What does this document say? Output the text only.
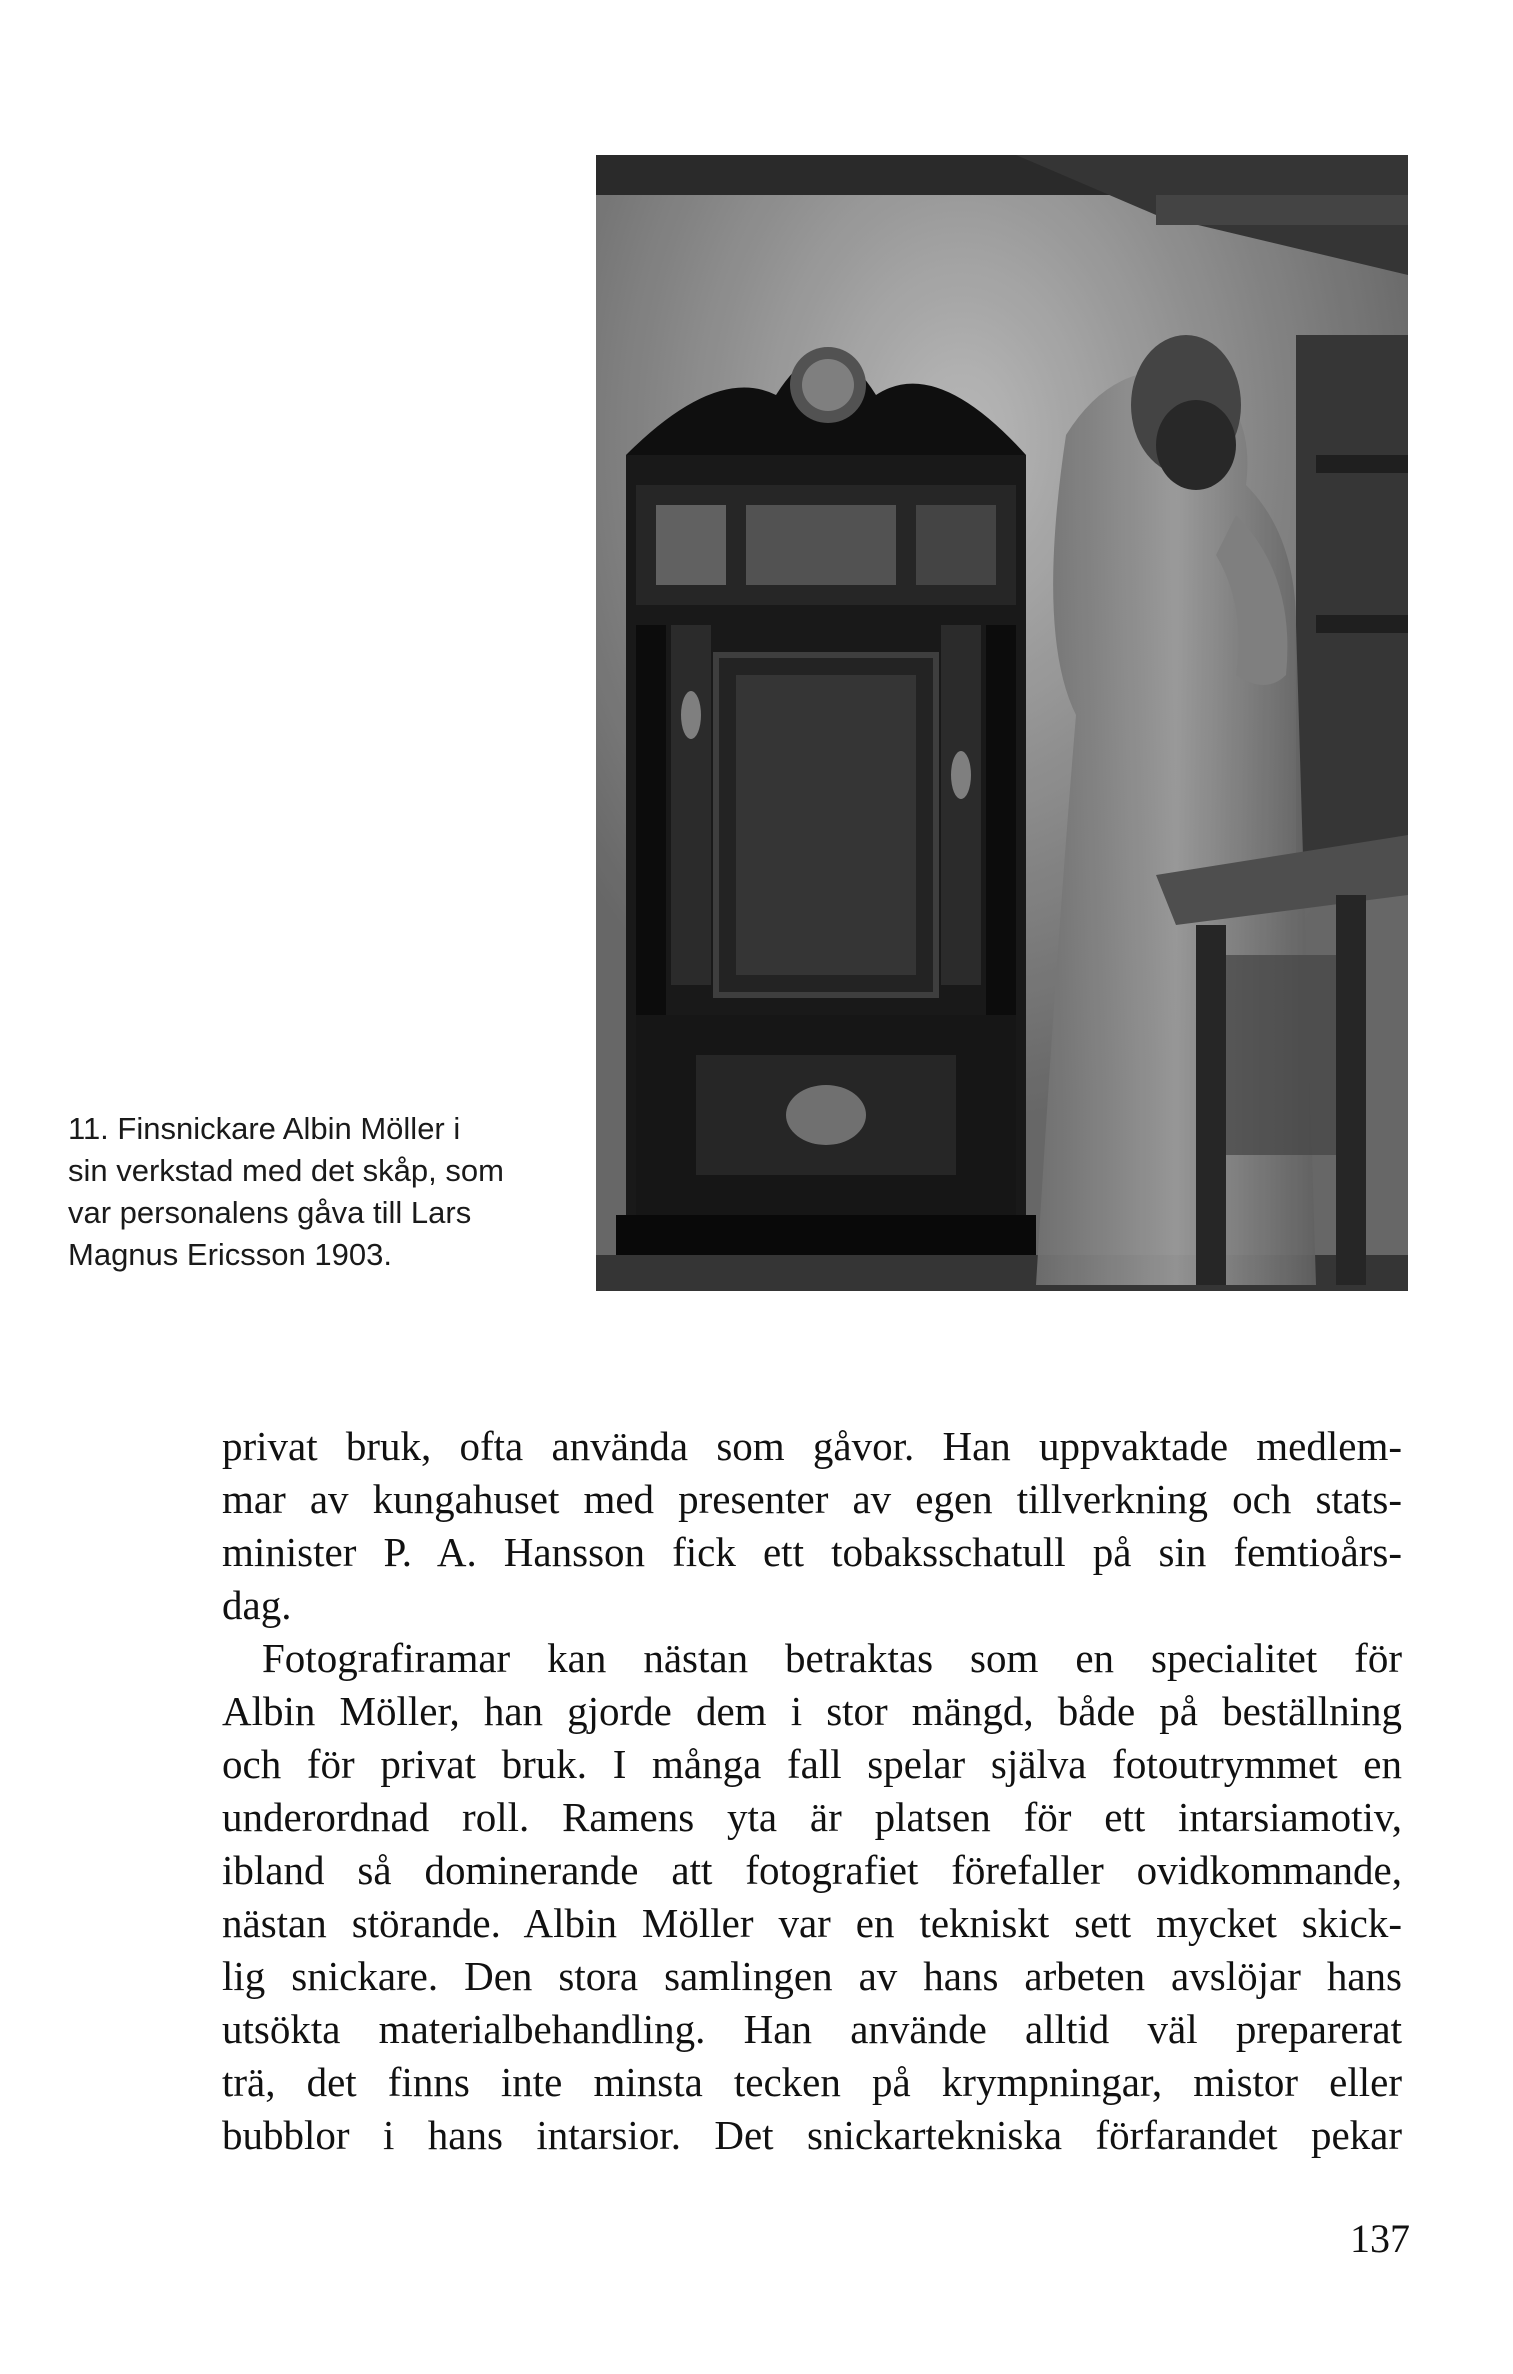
11. Finsnickare Albin Möller i
sin verkstad med det skåp, som
var personalens gåva till Lars
Magnus Ericsson 1903.
privat bruk, ofta använda som gåvor. Han uppvaktade medlem-
mar av kungahuset med presenter av egen tillverkning och stats-
minister P. A. Hansson fick ett tobaksschatull på sin femtioårs-
dag.
Fotografiramar kan nästan betraktas som en specialitet för
Albin Möller, han gjorde dem i stor mängd, både på beställning
och för privat bruk. I många fall spelar själva fotoutrymmet en
underordnad roll. Ramens yta är platsen för ett intarsiamotiv,
ibland så dominerande att fotografiet förefaller ovidkommande,
nästan störande. Albin Möller var en tekniskt sett mycket skick-
lig snickare. Den stora samlingen av hans arbeten avslöjar hans
utsökta materialbehandling. Han använde alltid väl preparerat
trä, det finns inte minsta tecken på krympningar, mistor eller
bubblor i hans intarsior. Det snickartekniska förfarandet pekar
137
